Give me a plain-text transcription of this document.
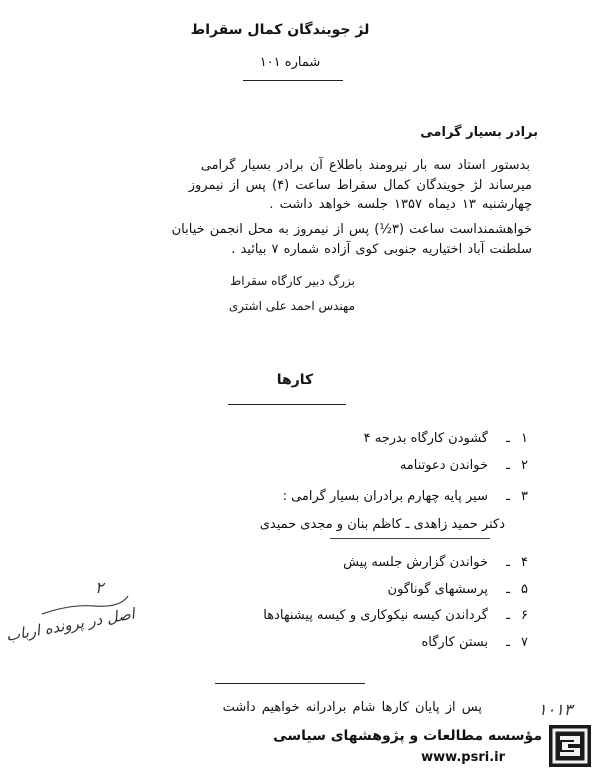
لژ جویندگان کمال سقراط
شماره ۱۰۱
برادر بسیار گرامی
بدستور استاد سه بار نیرومند باطلاع آن برادر بسیار گرامی
میرساند لژ جویندگان کمال سقراط ساعت (۴) پس از نیمروز
چهارشنبه ۱۳ دیماه ۱۳۵۷ جلسه خواهد داشت .
خواهشمنداست ساعت (۳½) پس از نیمروز به محل انجمن خیابان
سلطنت آباد اختیاریه جنوبی کوی آزاده شماره ۷ بیائید .
بزرگ دبیر کارگاه سقراط
مهندس احمد علی اشتری
کارها
۱
ـ
گشودن کارگاه بدرجه ۴
۲
ـ
خواندن دعوتنامه
۳
ـ
سیر پایه چهارم برادران بسیار گرامی :
دکتر حمید زاهدی ـ کاظم بنان و مجدی حمیدی
۴
ـ
خواندن گزارش جلسه پیش
۵
ـ
پرسشهای گوناگون
۶
ـ
گرداندن کیسه نیکوکاری و کیسه پیشنهادها
۷
ـ
بستن کارگاه
پس از پایان کارها شام برادرانه خواهیم داشت
۲
اصل در پرونده ارباب
۱۰۱۳
مؤسسه مطالعات و پژوهشهای سیاسی
www.psri.ir
